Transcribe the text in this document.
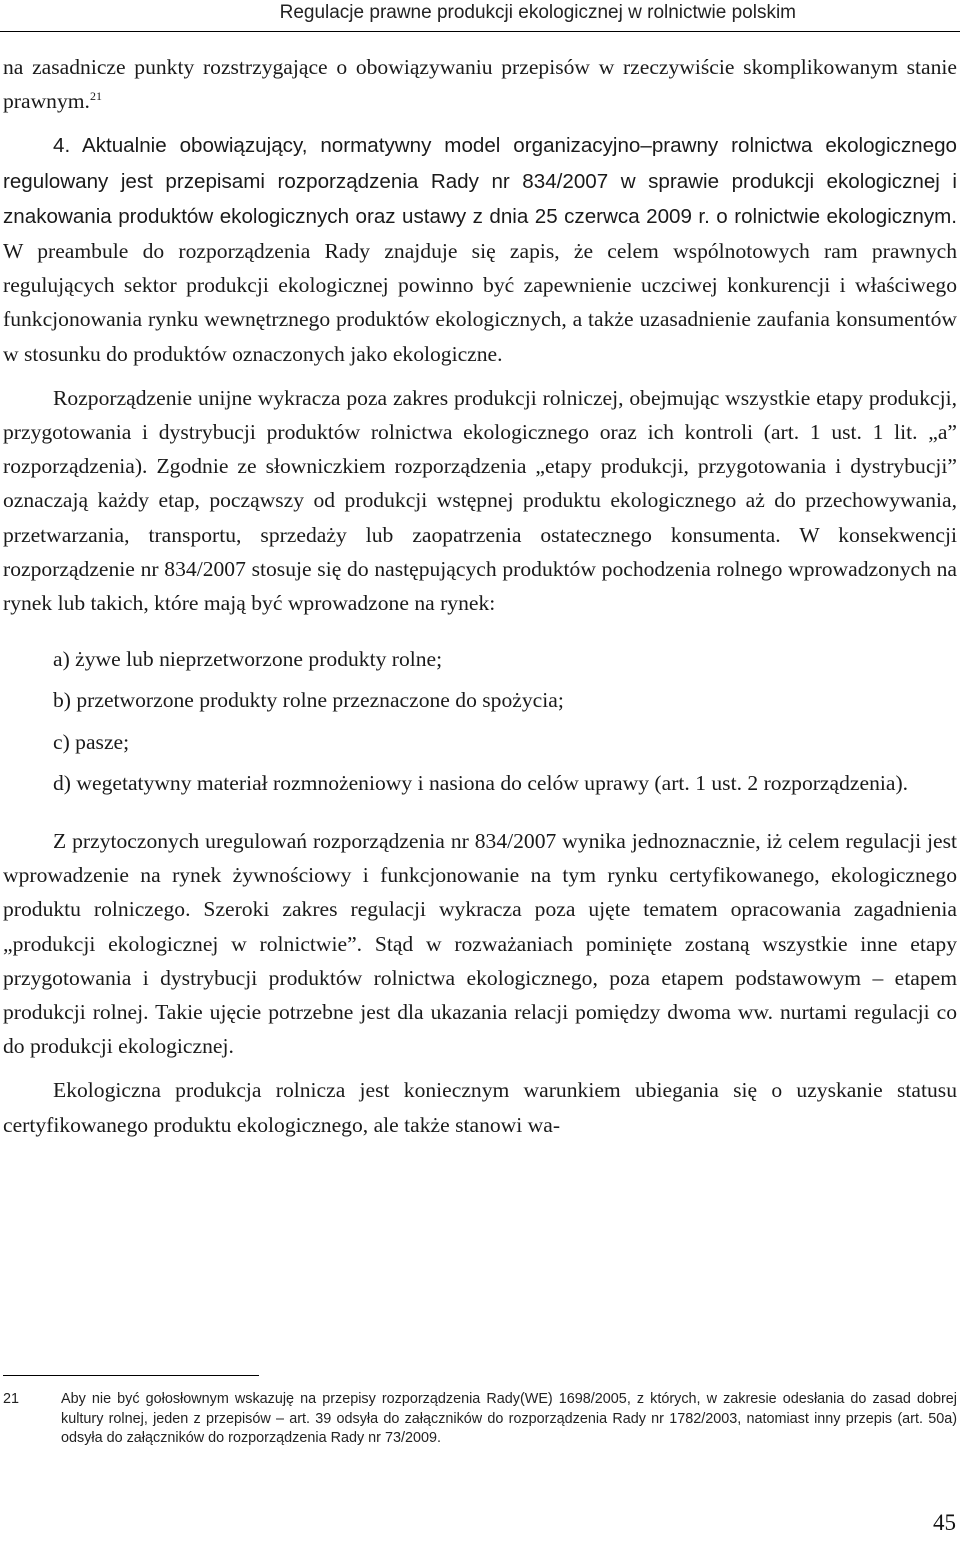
Regulacje prawne produkcji ekologicznej w rolnictwie polskim

na zasadnicze punkty rozstrzygające o obowiązywaniu przepisów w rzeczywiście skomplikowanym stanie prawnym.$^{21}$

4. Aktualnie obowiązujący, normatywny model organizacyjno–prawny rolnictwa ekologicznego regulowany jest przepisami rozporządzenia Rady nr 834/2007 w sprawie produkcji ekologicznej i znakowania produktów ekologicznych oraz ustawy z dnia 25 czerwca 2009 r. o rolnictwie ekologicznym. W preambule do rozporządzenia Rady znajduje się zapis, że celem wspólnotowych ram prawnych regulujących sektor produkcji ekologicznej powinno być zapewnienie uczciwej konkurencji i właściwego funkcjonowania rynku wewnętrznego produktów ekologicznych, a także uzasadnienie zaufania konsumentów w stosunku do produktów oznaczonych jako ekologiczne.

Rozporządzenie unijne wykracza poza zakres produkcji rolniczej, obejmując wszystkie etapy produkcji, przygotowania i dystrybucji produktów rolnictwa ekologicznego oraz ich kontroli (art. 1 ust. 1 lit. „a” rozporządzenia). Zgodnie ze słowniczkiem rozporządzenia „etapy produkcji, przygotowania i dystrybucji” oznaczają każdy etap, począwszy od produkcji wstępnej produktu ekologicznego aż do przechowywania, przetwarzania, transportu, sprzedaży lub zaopatrzenia ostatecznego konsumenta. W konsekwencji rozporządzenie nr 834/2007 stosuje się do następujących produktów pochodzenia rolnego wprowadzonych na rynek lub takich, które mają być wprowadzone na rynek:

a) żywe lub nieprzetworzone produkty rolne;
b) przetworzone produkty rolne przeznaczone do spożycia;
c) pasze;
d) wegetatywny materiał rozmnożeniowy i nasiona do celów uprawy (art. 1 ust. 2 rozporządzenia).

Z przytoczonych uregulowań rozporządzenia nr 834/2007 wynika jednoznacznie, iż celem regulacji jest wprowadzenie na rynek żywnościowy i funkcjonowanie na tym rynku certyfikowanego, ekologicznego produktu rolniczego. Szeroki zakres regulacji wykracza poza ujęte tematem opracowania zagadnienia „produkcji ekologicznej w rolnictwie”. Stąd w rozważaniach pominięte zostaną wszystkie inne etapy przygotowania i dystrybucji produktów rolnictwa ekologicznego, poza etapem podstawowym – etapem produkcji rolnej. Takie ujęcie potrzebne jest dla ukazania relacji pomiędzy dwoma ww. nurtami regulacji co do produkcji ekologicznej.

Ekologiczna produkcja rolnicza jest koniecznym warunkiem ubiegania się o uzyskanie statusu certyfikowanego produktu ekologicznego, ale także stanowi wa-

21	Aby nie być gołosłownym wskazuję na przepisy rozporządzenia Rady(WE) 1698/2005, z których, w zakresie odesłania do zasad dobrej kultury rolnej, jeden z przepisów – art. 39 odsyła do załączników do rozporządzenia Rady nr 1782/2003, natomiast inny przepis (art. 50a) odsyła do załączników do rozporządzenia Rady nr 73/2009.
45
